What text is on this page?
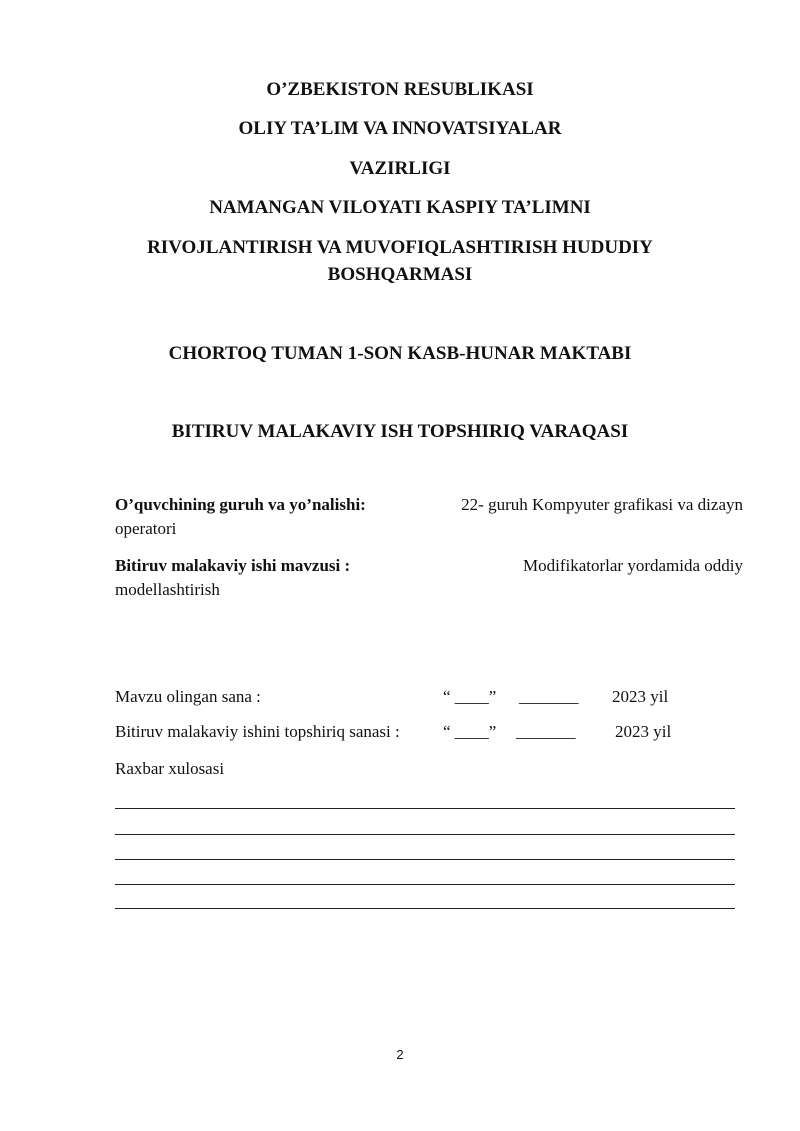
O’ZBEKISTON RESUBLIKASI
OLIY TA’LIM VA INNOVATSIYALAR
VAZIRLIGI
NAMANGAN VILOYATI KASPIY TA’LIMNI
RIVOJLANTIRISH VA MUVOFIQLASHTIRISH HUDUDIY
BOSHQARMASI
CHORTOQ TUMAN 1-SON KASB-HUNAR MAKTABI
BITIRUV MALAKAVIY ISH TOPSHIRIQ VARAQASI
O’quvchining guruh va yo’nalishi:	22- guruh Kompyuter grafikasi va dizayn
operatori
Bitiruv malakaviy ishi mavzusi :	Modifikatorlar yordamida oddiy
modellashtirish
Mavzu olingan sana :	“ ____” _______ 2023 yil
Bitiruv malakaviy ishini topshiriq sanasi :	“ ____” _______ 2023 yil
Raxbar xulosasi
2
